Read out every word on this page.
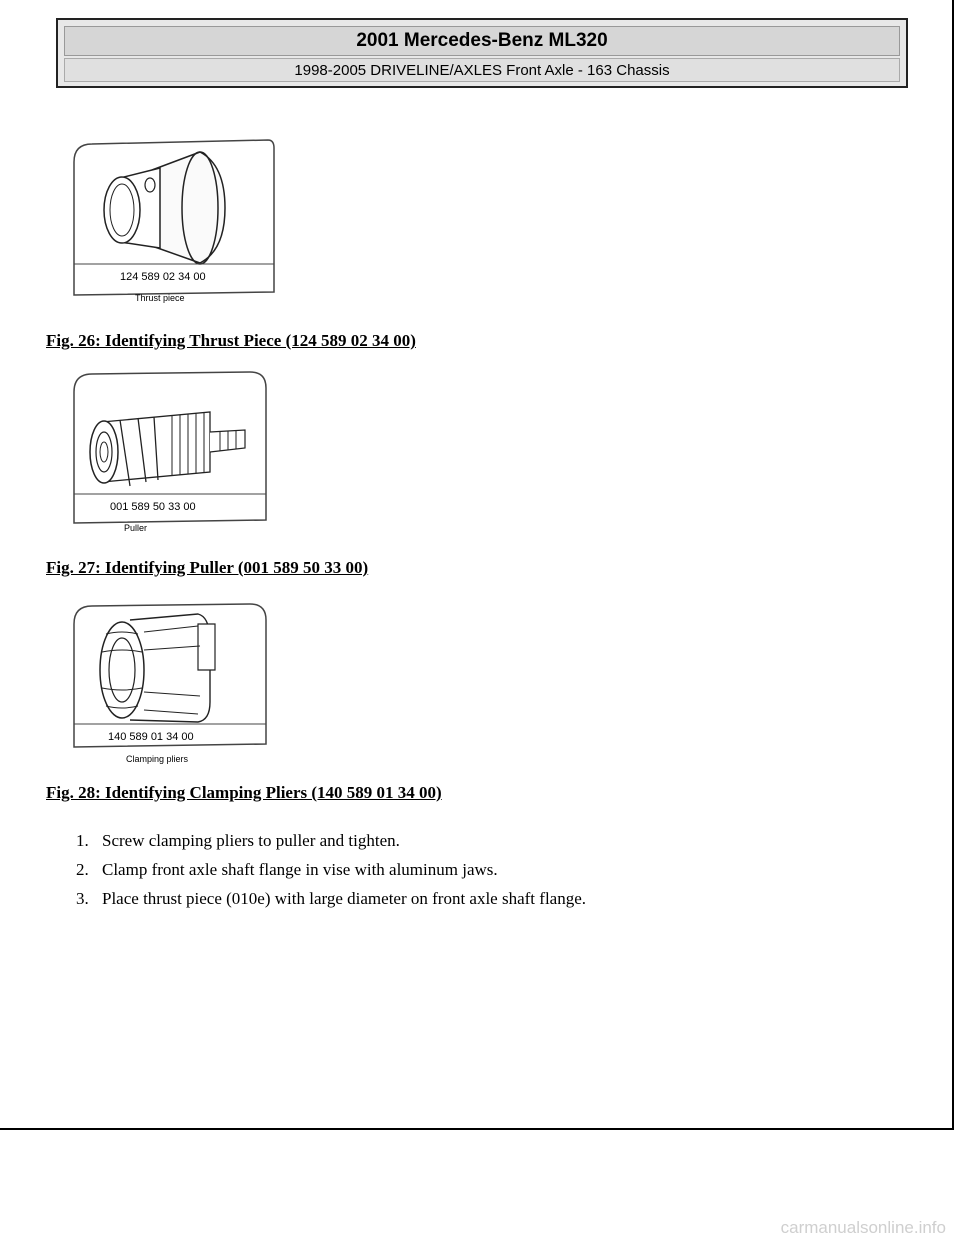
2001 Mercedes-Benz ML320
1998-2005 DRIVELINE/AXLES Front Axle - 163 Chassis
124 589 02 34 00
Thrust piece
Fig. 26: Identifying Thrust Piece (124 589 02 34 00)
001 589 50 33 00
Puller
Fig. 27: Identifying Puller (001 589 50 33 00)
140 589 01 34 00
Clamping pliers
Fig. 28: Identifying Clamping Pliers (140 589 01 34 00)
1. Screw clamping pliers to puller and tighten.
2. Clamp front axle shaft flange in vise with aluminum jaws.
3. Place thrust piece (010e) with large diameter on front axle shaft flange.
carmanualsonline.info
